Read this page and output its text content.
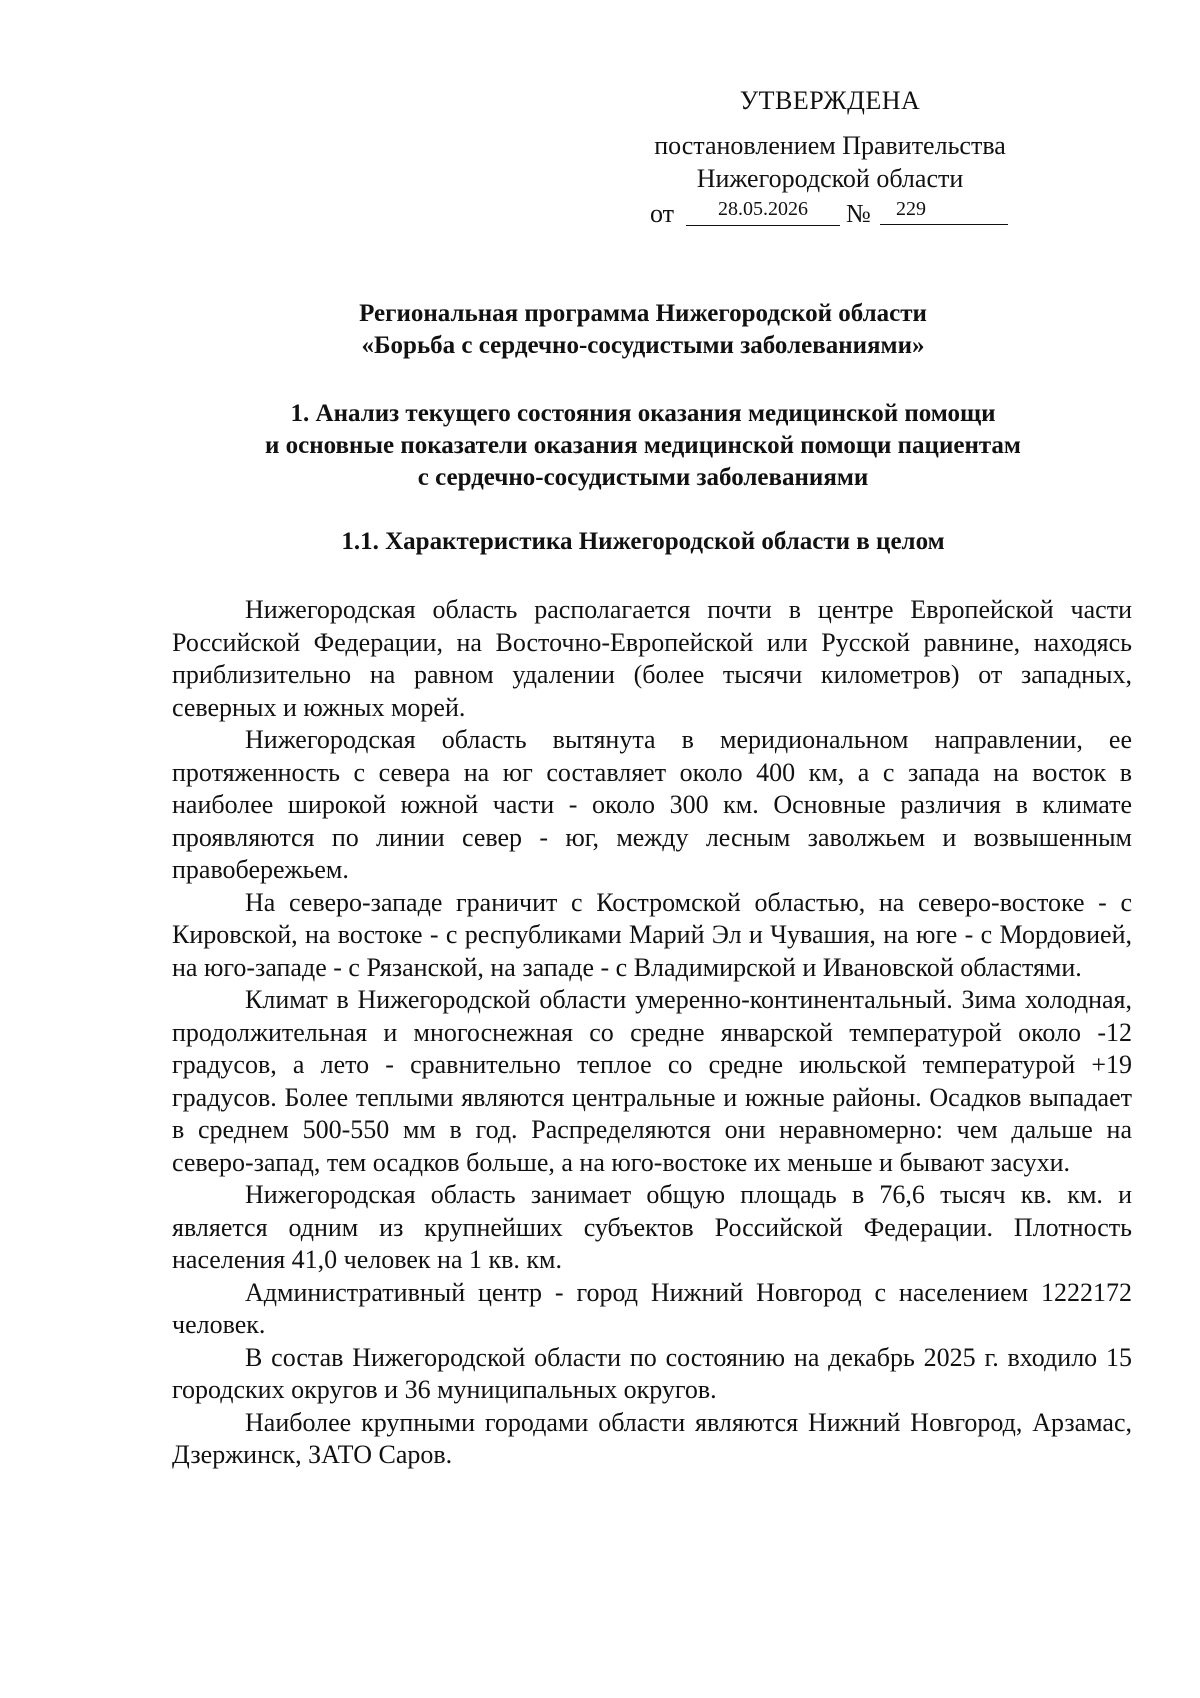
УТВЕРЖДЕНА
постановлением Правительства
Нижегородской области
от	28.05.2026	№	229
Региональная программа Нижегородской области
«Борьба с сердечно-сосудистыми заболеваниями»
1. Анализ текущего состояния оказания медицинской помощи
и основные показатели оказания медицинской помощи пациентам
с сердечно-сосудистыми заболеваниями
1.1. Характеристика Нижегородской области в целом

Нижегородская область располагается почти в центре Европейской части Российской Федерации, на Восточно-Европейской или Русской равнине, находясь приблизительно на равном удалении (более тысячи километров) от западных, северных и южных морей.

Нижегородская область вытянута в меридиональном направлении, ее протяженность с севера на юг составляет около 400 км, а с запада на восток в наиболее широкой южной части - около 300 км. Основные различия в климате проявляются по линии север - юг, между лесным заволжьем и возвышенным правобережьем.

На северо-западе граничит с Костромской областью, на северо-востоке - с Кировской, на востоке - с республиками Марий Эл и Чувашия, на юге - с Мордовией, на юго-западе - с Рязанской, на западе - с Владимирской и Ивановской областями.

Климат в Нижегородской области умеренно-континентальный. Зима холодная, продолжительная и многоснежная со средне январской температурой около -12 градусов, а лето - сравнительно теплое со средне июльской температурой +19 градусов. Более теплыми являются центральные и южные районы. Осадков выпадает в среднем 500-550 мм в год. Распределяются они неравномерно: чем дальше на северо-запад, тем осадков больше, а на юго-востоке их меньше и бывают засухи.

Нижегородская область занимает общую площадь в 76,6 тысяч кв. км. и является одним из крупнейших субъектов Российской Федерации. Плотность населения 41,0 человек на 1 кв. км.

Административный центр - город Нижний Новгород с населением 1222172 человек.

В состав Нижегородской области по состоянию на декабрь 2025 г. входило 15 городских округов и 36 муниципальных округов.

Наиболее крупными городами области являются Нижний Новгород, Арзамас, Дзержинск, ЗАТО Саров.
